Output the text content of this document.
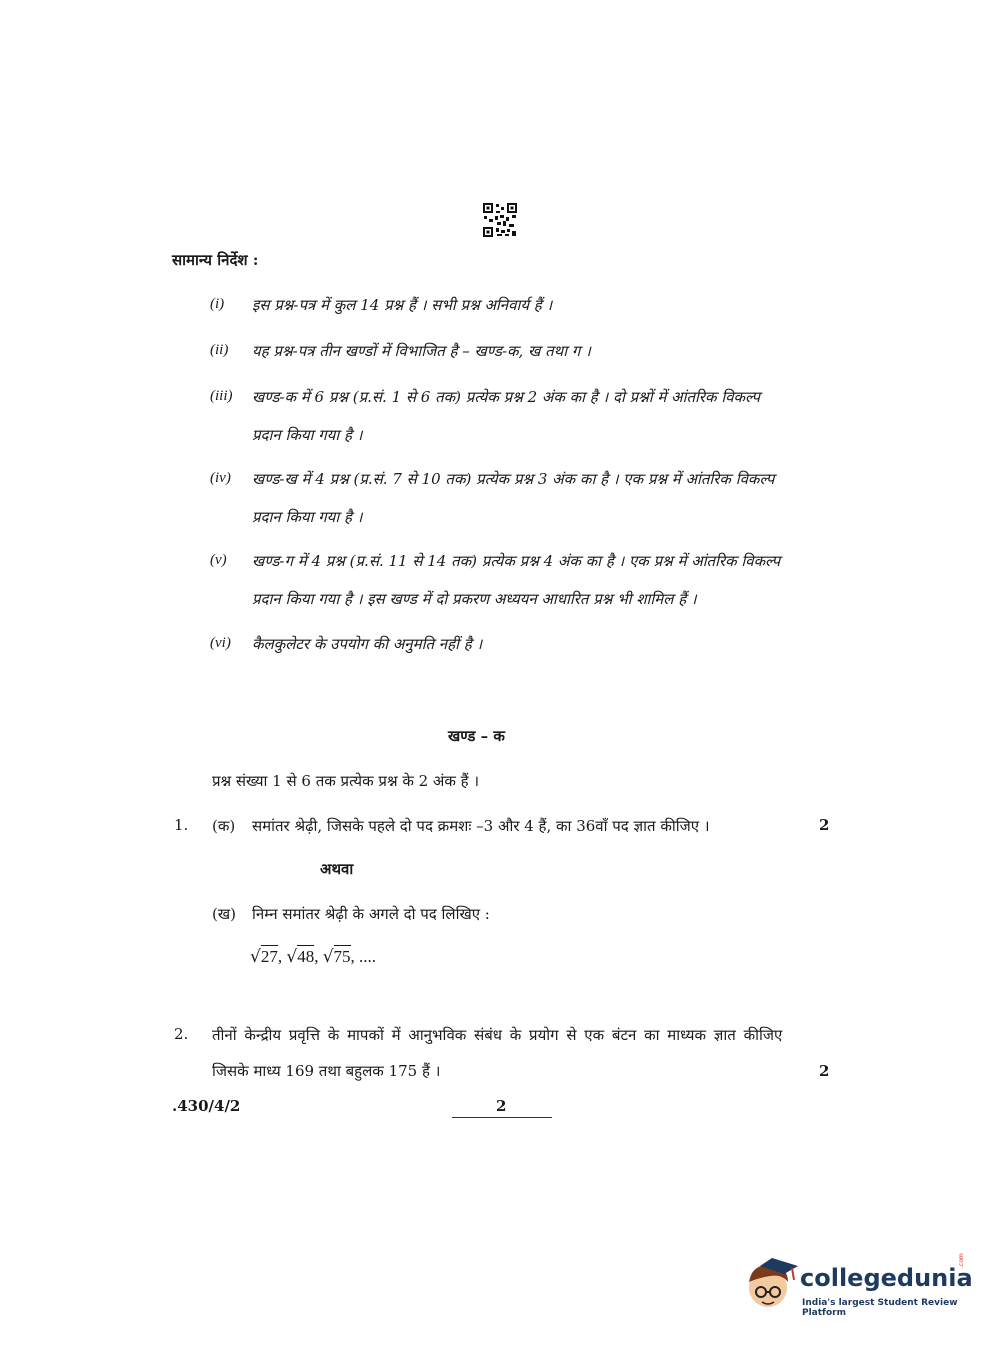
सामान्य निर्देश :
(i) इस प्रश्न-पत्र में कुल 14 प्रश्न हैं । सभी प्रश्न अनिवार्य हैं ।
(ii) यह प्रश्न-पत्र तीन खण्डों में विभाजित है – खण्ड-क, ख तथा ग ।
(iii) खण्ड-क में 6 प्रश्न (प्र.सं. 1 से 6 तक) प्रत्येक प्रश्न 2 अंक का है । दो प्रश्नों में आंतरिक विकल्प
प्रदान किया गया है ।
(iv) खण्ड-ख में 4 प्रश्न (प्र.सं. 7 से 10 तक) प्रत्येक प्रश्न 3 अंक का है । एक प्रश्न में आंतरिक विकल्प
प्रदान किया गया है ।
(v) खण्ड-ग में 4 प्रश्न (प्र.सं. 11 से 14 तक) प्रत्येक प्रश्न 4 अंक का है । एक प्रश्न में आंतरिक विकल्प
प्रदान किया गया है । इस खण्ड में दो प्रकरण अध्ययन आधारित प्रश्न भी शामिल हैं ।
(vi) कैलकुलेटर के उपयोग की अनुमति नहीं है ।
खण्ड – क
प्रश्न संख्या 1 से 6 तक प्रत्येक प्रश्न के 2 अंक हैं ।
1. (क) समांतर श्रेढ़ी, जिसके पहले दो पद क्रमशः –3 और 4 हैं, का 36वाँ पद ज्ञात कीजिए ।	2
अथवा
(ख) निम्न समांतर श्रेढ़ी के अगले दो पद लिखिए :
√27, √48, √75, ....
2. तीनों केन्द्रीय प्रवृत्ति के मापकों में आनुभविक संबंध के प्रयोग से एक बंटन का माध्यक ज्ञात कीजिए
जिसके माध्य 169 तथा बहुलक 175 हैं ।	2
.430/4/2	2
collegedunia
.com
India's largest Student Review Platform
